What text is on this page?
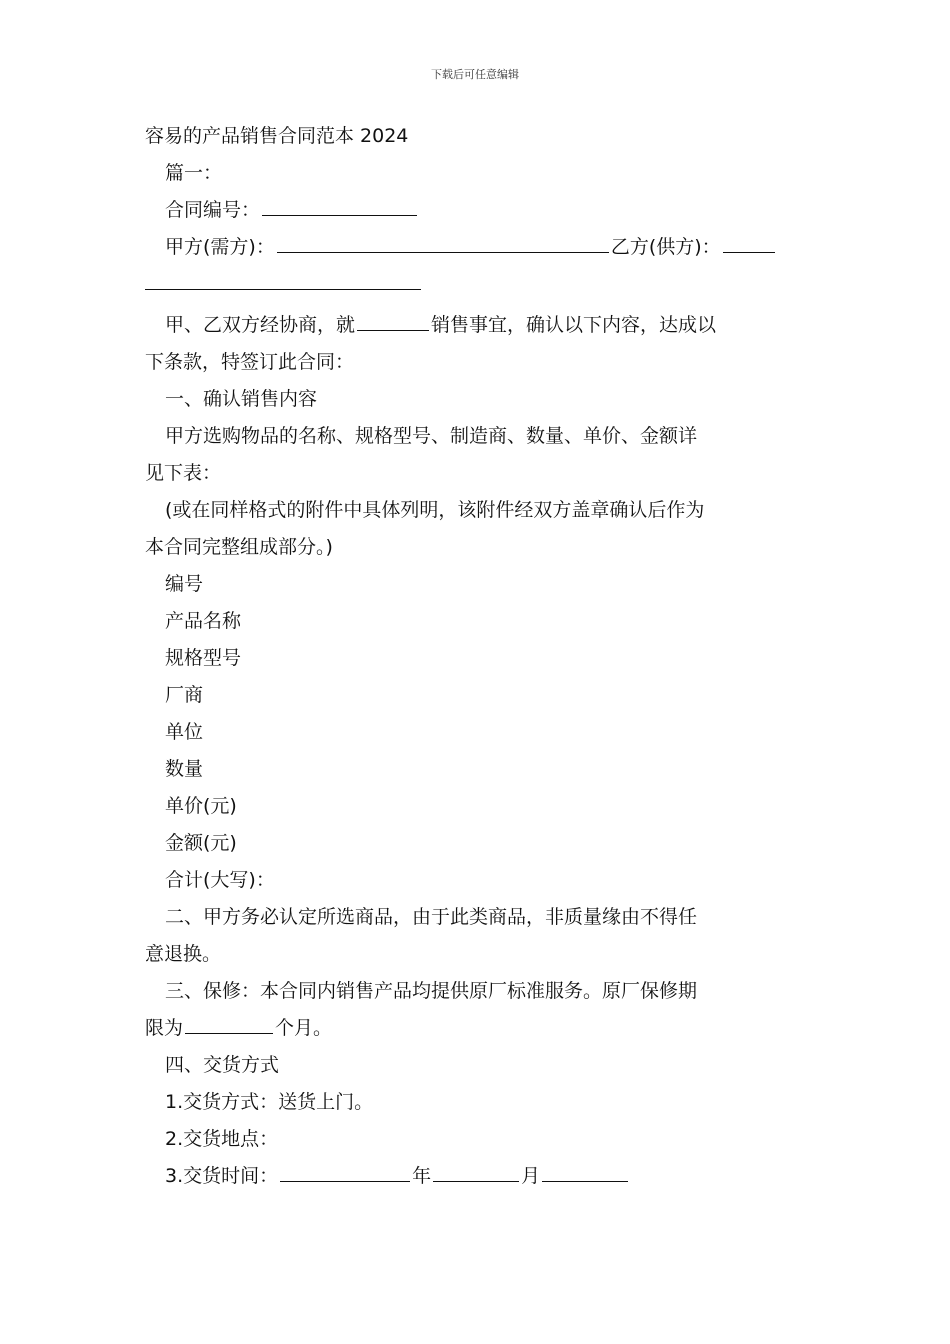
下载后可任意编辑
容易的产品销售合同范本 2024
篇一：
合同编号：
甲方(需方)：	乙方(供方)：
甲、乙双方经协商，就	销售事宜，确认以下内容，达成以
下条款，特签订此合同：
一、确认销售内容
甲方选购物品的名称、规格型号、制造商、数量、单价、金额详
见下表：
(或在同样格式的附件中具体列明，该附件经双方盖章确认后作为
本合同完整组成部分。)
编号
产品名称
规格型号
厂商
单位
数量
单价(元)
金额(元)
合计(大写)：
二、甲方务必认定所选商品，由于此类商品，非质量缘由不得任
意退换。
三、保修：本合同内销售产品均提供原厂标准服务。原厂保修期
限为	个月。
四、交货方式
1.交货方式：送货上门。
2.交货地点：
3.交货时间：	年	月
